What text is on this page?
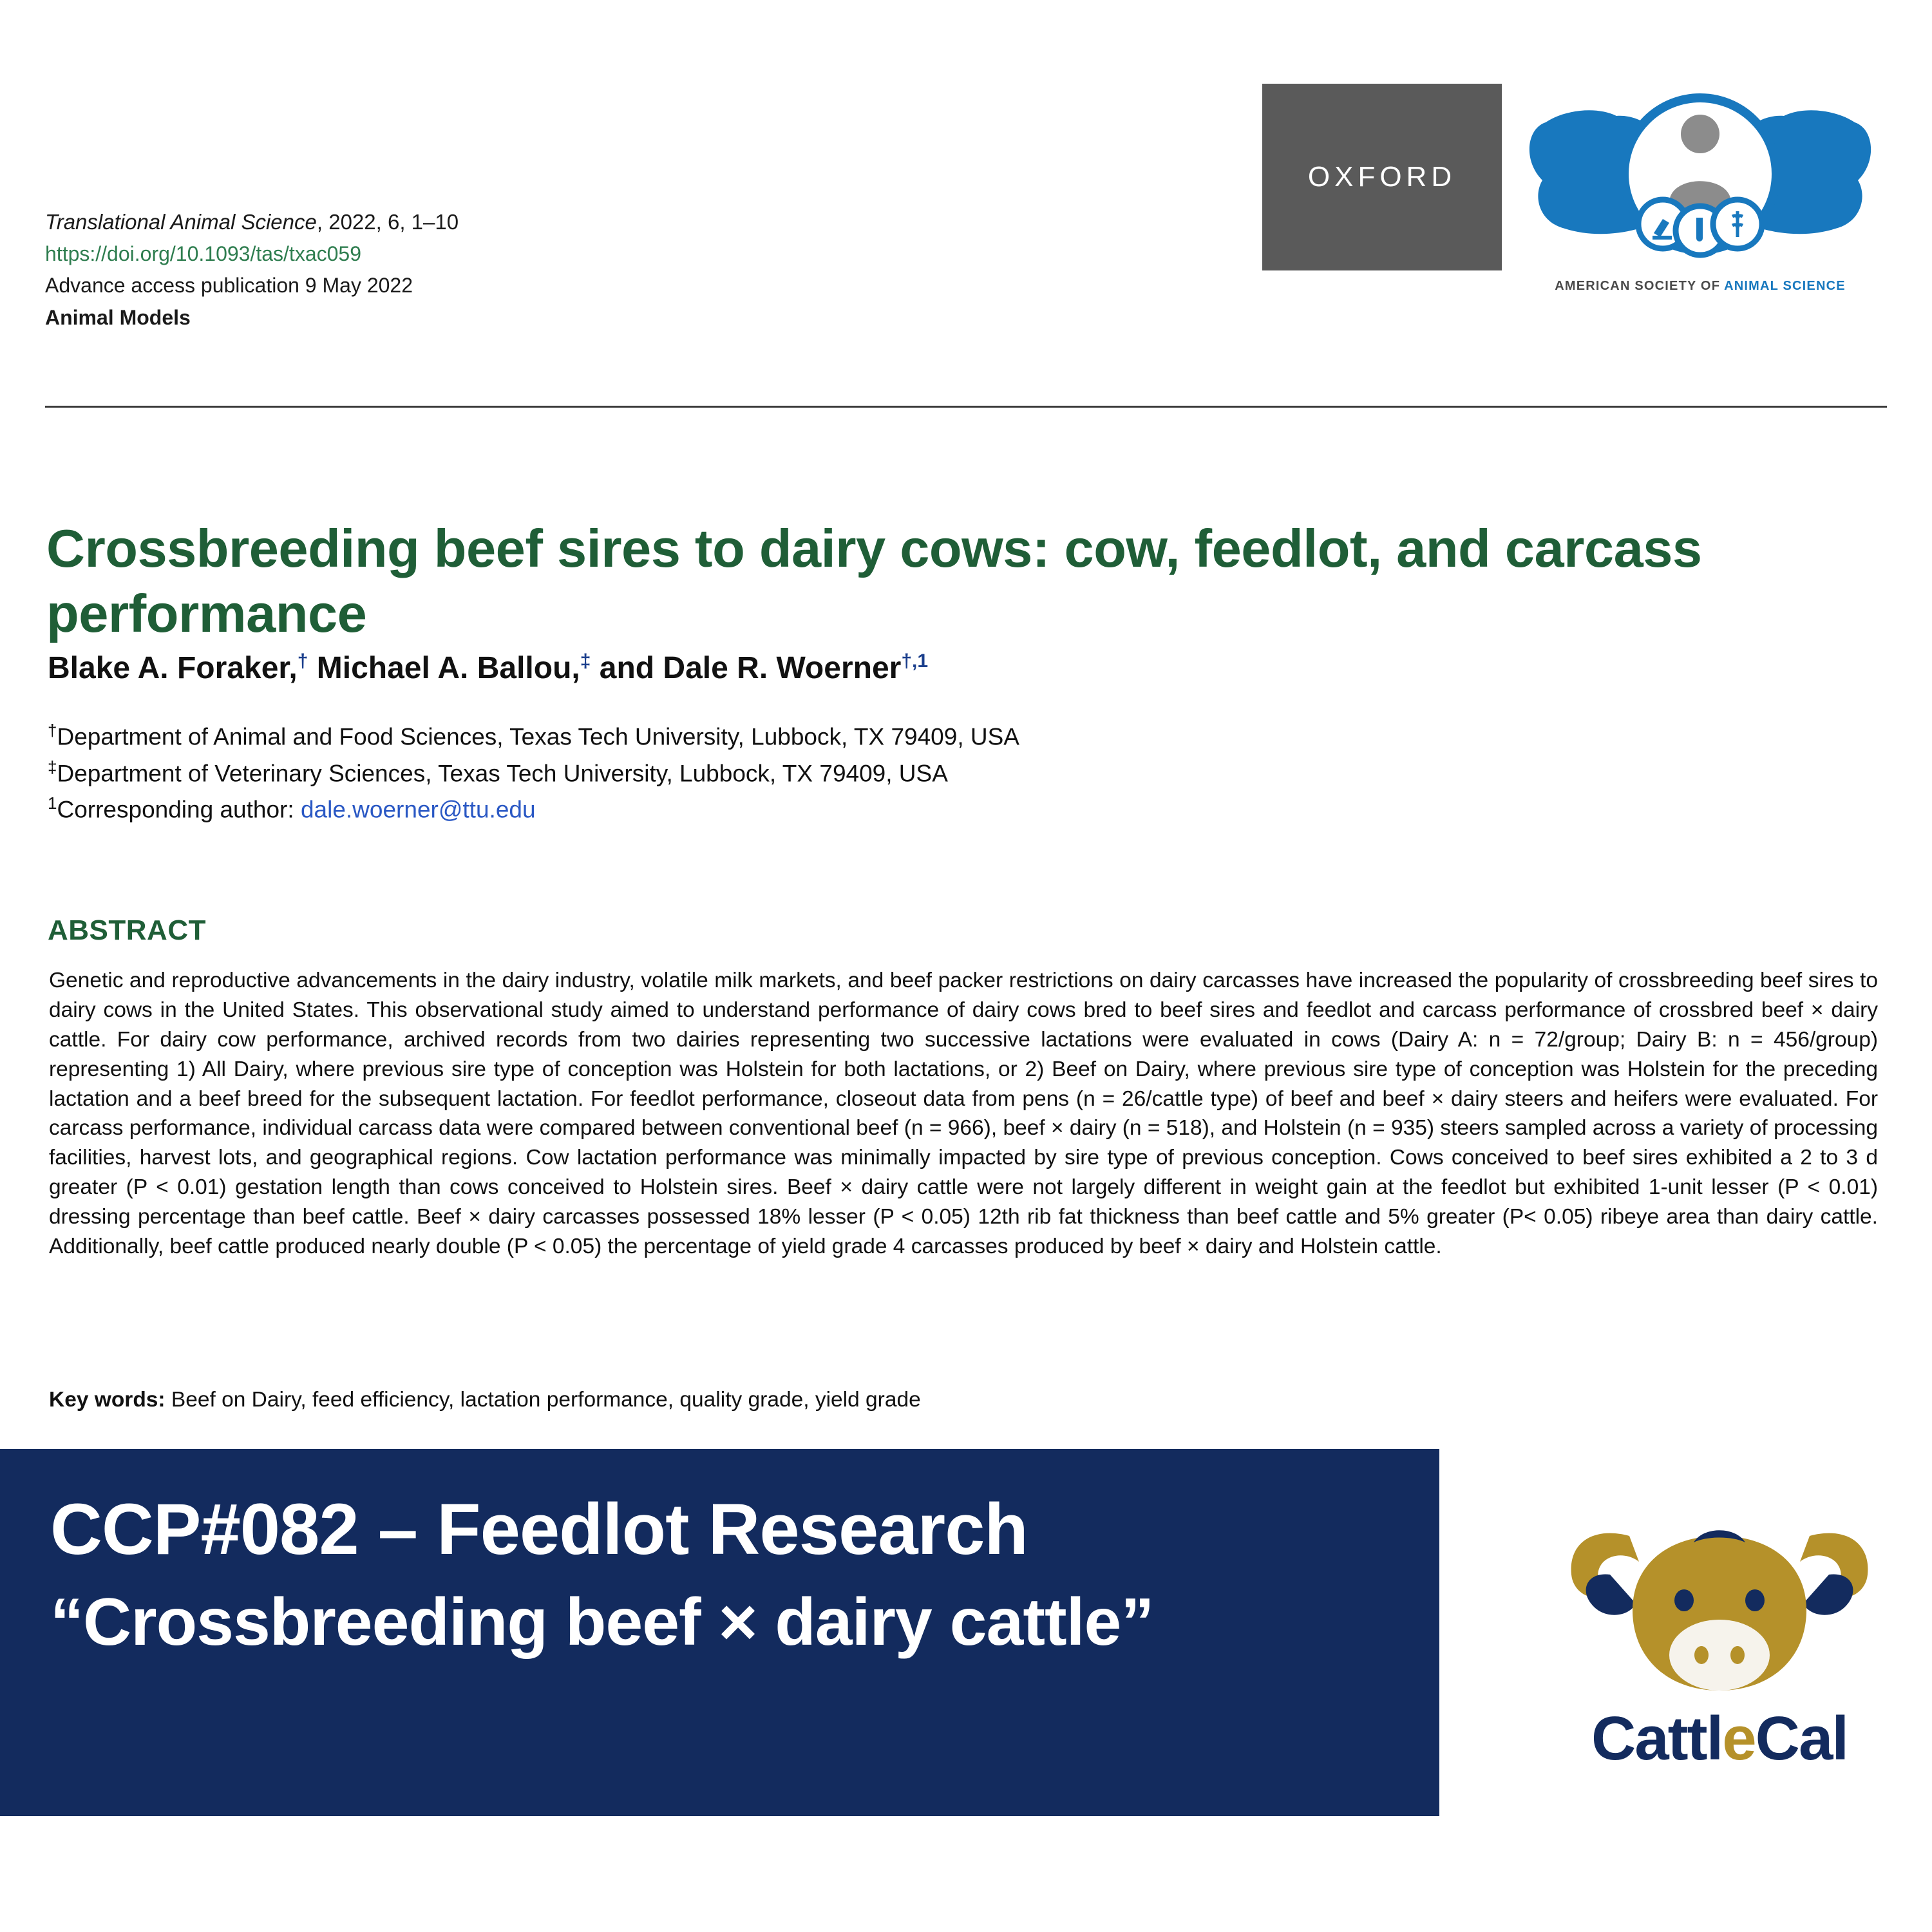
Translational Animal Science, 2022, 6, 1–10
https://doi.org/10.1093/tas/txac059
Advance access publication 9 May 2022
Animal Models
OXFORD
AMERICAN SOCIETY OF ANIMAL SCIENCE
Crossbreeding beef sires to dairy cows: cow, feedlot, and carcass performance
Blake A. Foraker,† Michael A. Ballou,‡ and Dale R. Woerner$^{\dagger,1}$
†Department of Animal and Food Sciences, Texas Tech University, Lubbock, TX 79409, USA
‡Department of Veterinary Sciences, Texas Tech University, Lubbock, TX 79409, USA
$^1$Corresponding author: dale.woerner@ttu.edu
ABSTRACT
Genetic and reproductive advancements in the dairy industry, volatile milk markets, and beef packer restrictions on dairy carcasses have increased the popularity of crossbreeding beef sires to dairy cows in the United States. This observational study aimed to understand performance of dairy cows bred to beef sires and feedlot and carcass performance of crossbred beef × dairy cattle. For dairy cow performance, archived records from two dairies representing two successive lactations were evaluated in cows (Dairy A: n = 72/group; Dairy B: n = 456/group) representing 1) All Dairy, where previous sire type of conception was Holstein for both lactations, or 2) Beef on Dairy, where previous sire type of conception was Holstein for the preceding lactation and a beef breed for the subsequent lactation. For feedlot performance, closeout data from pens (n = 26/cattle type) of beef and beef × dairy steers and heifers were evaluated. For carcass performance, individual carcass data were compared between conventional beef (n = 966), beef × dairy (n = 518), and Holstein (n = 935) steers sampled across a variety of processing facilities, harvest lots, and geographical regions. Cow lactation performance was minimally impacted by sire type of previous conception. Cows conceived to beef sires exhibited a 2 to 3 d greater (P < 0.01) gestation length than cows conceived to Holstein sires. Beef × dairy cattle were not largely different in weight gain at the feedlot but exhibited 1-unit lesser (P < 0.01) dressing percentage than beef cattle. Beef × dairy carcasses possessed 18% lesser (P < 0.05) 12th rib fat thickness than beef cattle and 5% greater (P< 0.05) ribeye area than dairy cattle. Additionally, beef cattle produced nearly double (P < 0.05) the percentage of yield grade 4 carcasses produced by beef × dairy and Holstein cattle.
Key words: Beef on Dairy, feed efficiency, lactation performance, quality grade, yield grade
CCP#082 – Feedlot Research
“Crossbreeding beef × dairy cattle”
CattleCal
